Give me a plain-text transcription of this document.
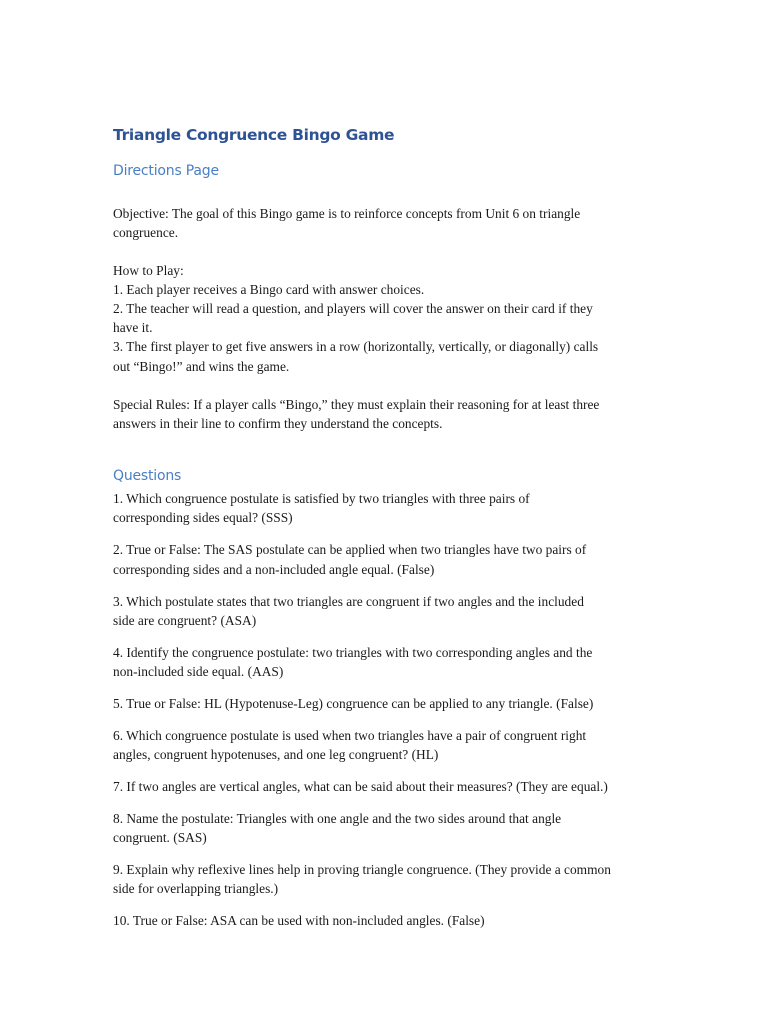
Triangle Congruence Bingo Game
Directions Page

Objective: The goal of this Bingo game is to reinforce concepts from Unit 6 on triangle

congruence.

How to Play:

1. Each player receives a Bingo card with answer choices.

2. The teacher will read a question, and players will cover the answer on their card if they

have it.

3. The first player to get five answers in a row (horizontally, vertically, or diagonally) calls

out “Bingo!” and wins the game.

Special Rules: If a player calls “Bingo,” they must explain their reasoning for at least three

answers in their line to confirm they understand the concepts.

Questions

1. Which congruence postulate is satisfied by two triangles with three pairs of

corresponding sides equal? (SSS)

2. True or False: The SAS postulate can be applied when two triangles have two pairs of

corresponding sides and a non-included angle equal. (False)

3. Which postulate states that two triangles are congruent if two angles and the included

side are congruent? (ASA)

4. Identify the congruence postulate: two triangles with two corresponding angles and the

non-included side equal. (AAS)

5. True or False: HL (Hypotenuse-Leg) congruence can be applied to any triangle. (False)

6. Which congruence postulate is used when two triangles have a pair of congruent right

angles, congruent hypotenuses, and one leg congruent? (HL)

7. If two angles are vertical angles, what can be said about their measures? (They are equal.)

8. Name the postulate: Triangles with one angle and the two sides around that angle

congruent. (SAS)

9. Explain why reflexive lines help in proving triangle congruence. (They provide a common

side for overlapping triangles.)

10. True or False: ASA can be used with non-included angles. (False)
